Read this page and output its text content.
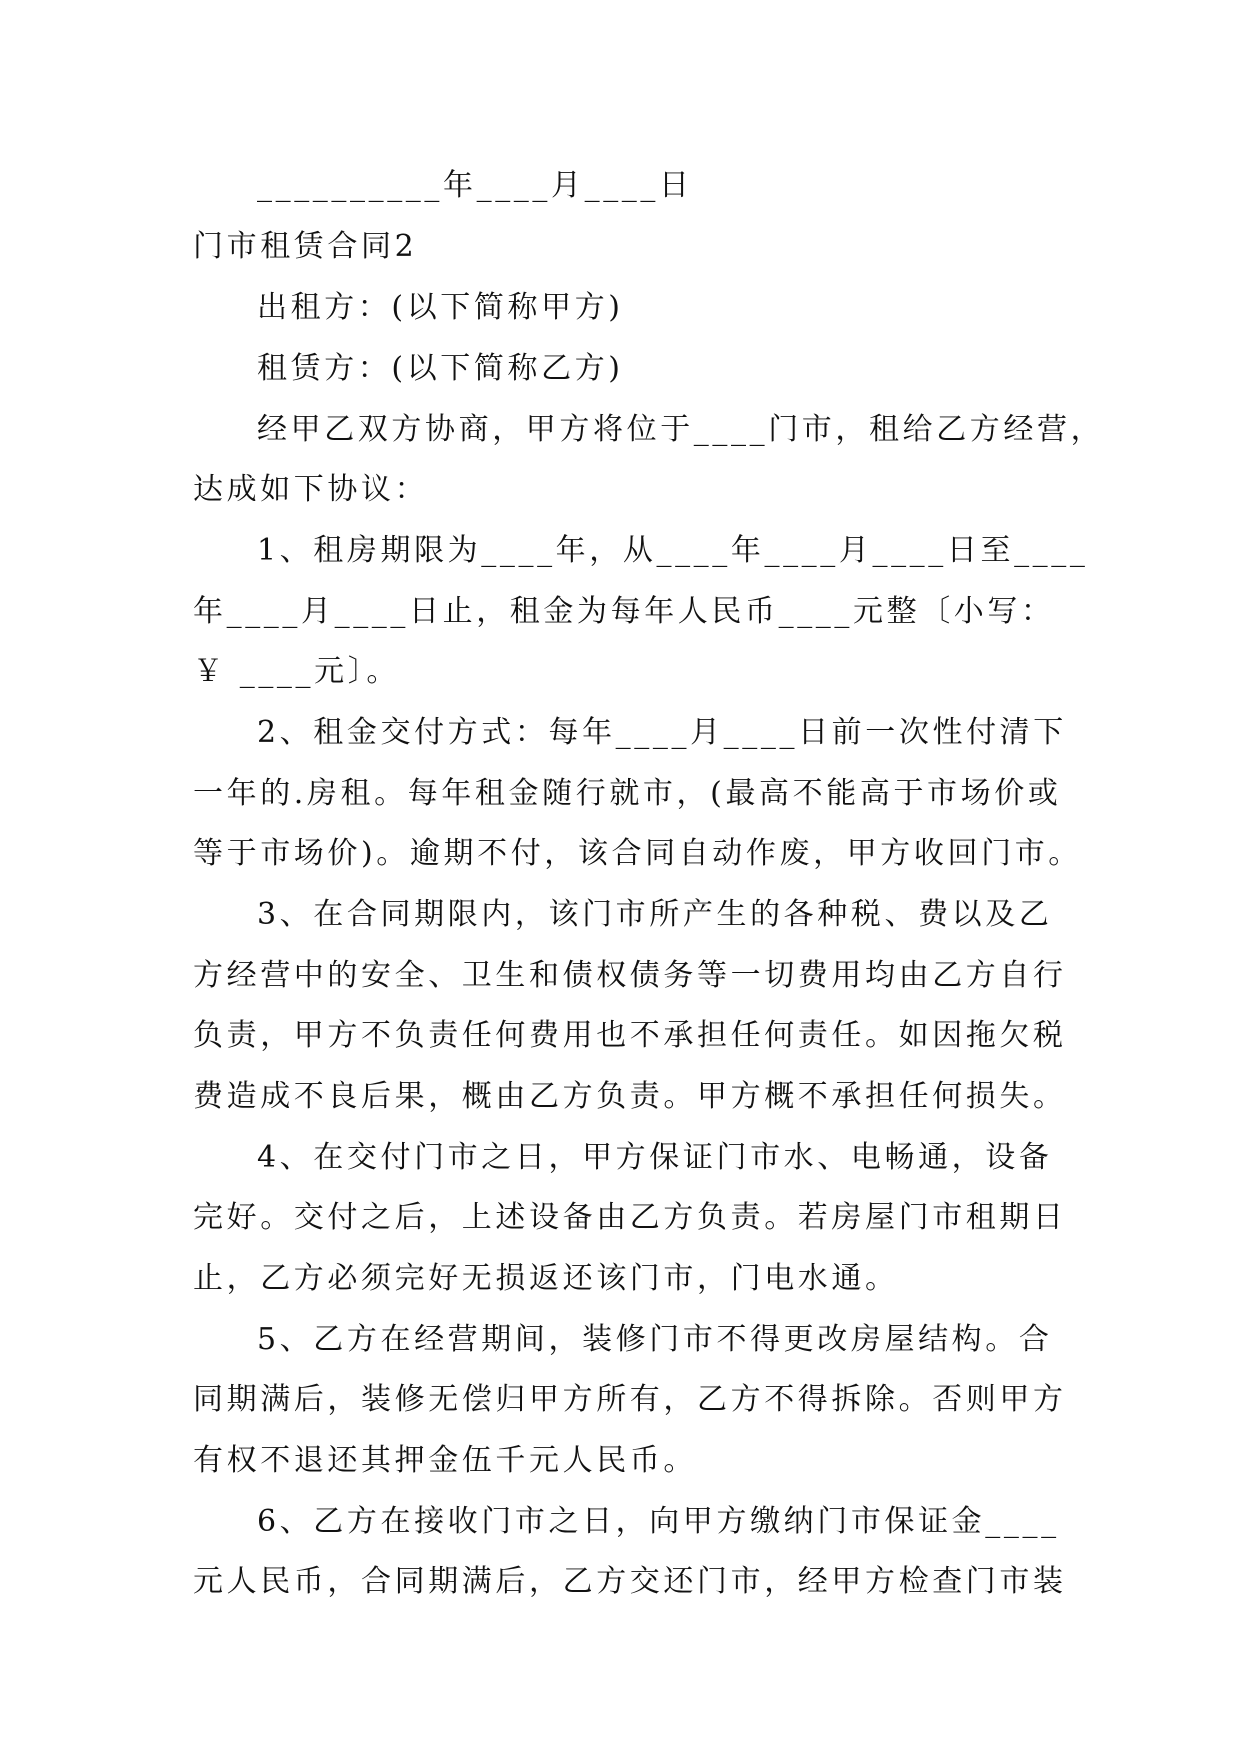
__________年____月____日

门市租赁合同2

出租方：(以下简称甲方)

租赁方：(以下简称乙方)

经甲乙双方协商，甲方将位于____门市，租给乙方经营，

达成如下协议：

1、租房期限为____年，从____年____月____日至____

年____月____日止，租金为每年人民币____元整〔小写：

￥ ____元〕。

2、租金交付方式：每年____月____日前一次性付清下

一年的.房租。每年租金随行就市，(最高不能高于市场价或

等于市场价)。逾期不付，该合同自动作废，甲方收回门市。

3、在合同期限内，该门市所产生的各种税、费以及乙

方经营中的安全、卫生和债权债务等一切费用均由乙方自行

负责，甲方不负责任何费用也不承担任何责任。如因拖欠税

费造成不良后果，概由乙方负责。甲方概不承担任何损失。

4、在交付门市之日，甲方保证门市水、电畅通，设备

完好。交付之后，上述设备由乙方负责。若房屋门市租期日

止，乙方必须完好无损返还该门市，门电水通。

5、乙方在经营期间，装修门市不得更改房屋结构。合

同期满后，装修无偿归甲方所有，乙方不得拆除。否则甲方

有权不退还其押金伍千元人民币。

6、乙方在接收门市之日，向甲方缴纳门市保证金____

元人民币，合同期满后，乙方交还门市，经甲方检查门市装
